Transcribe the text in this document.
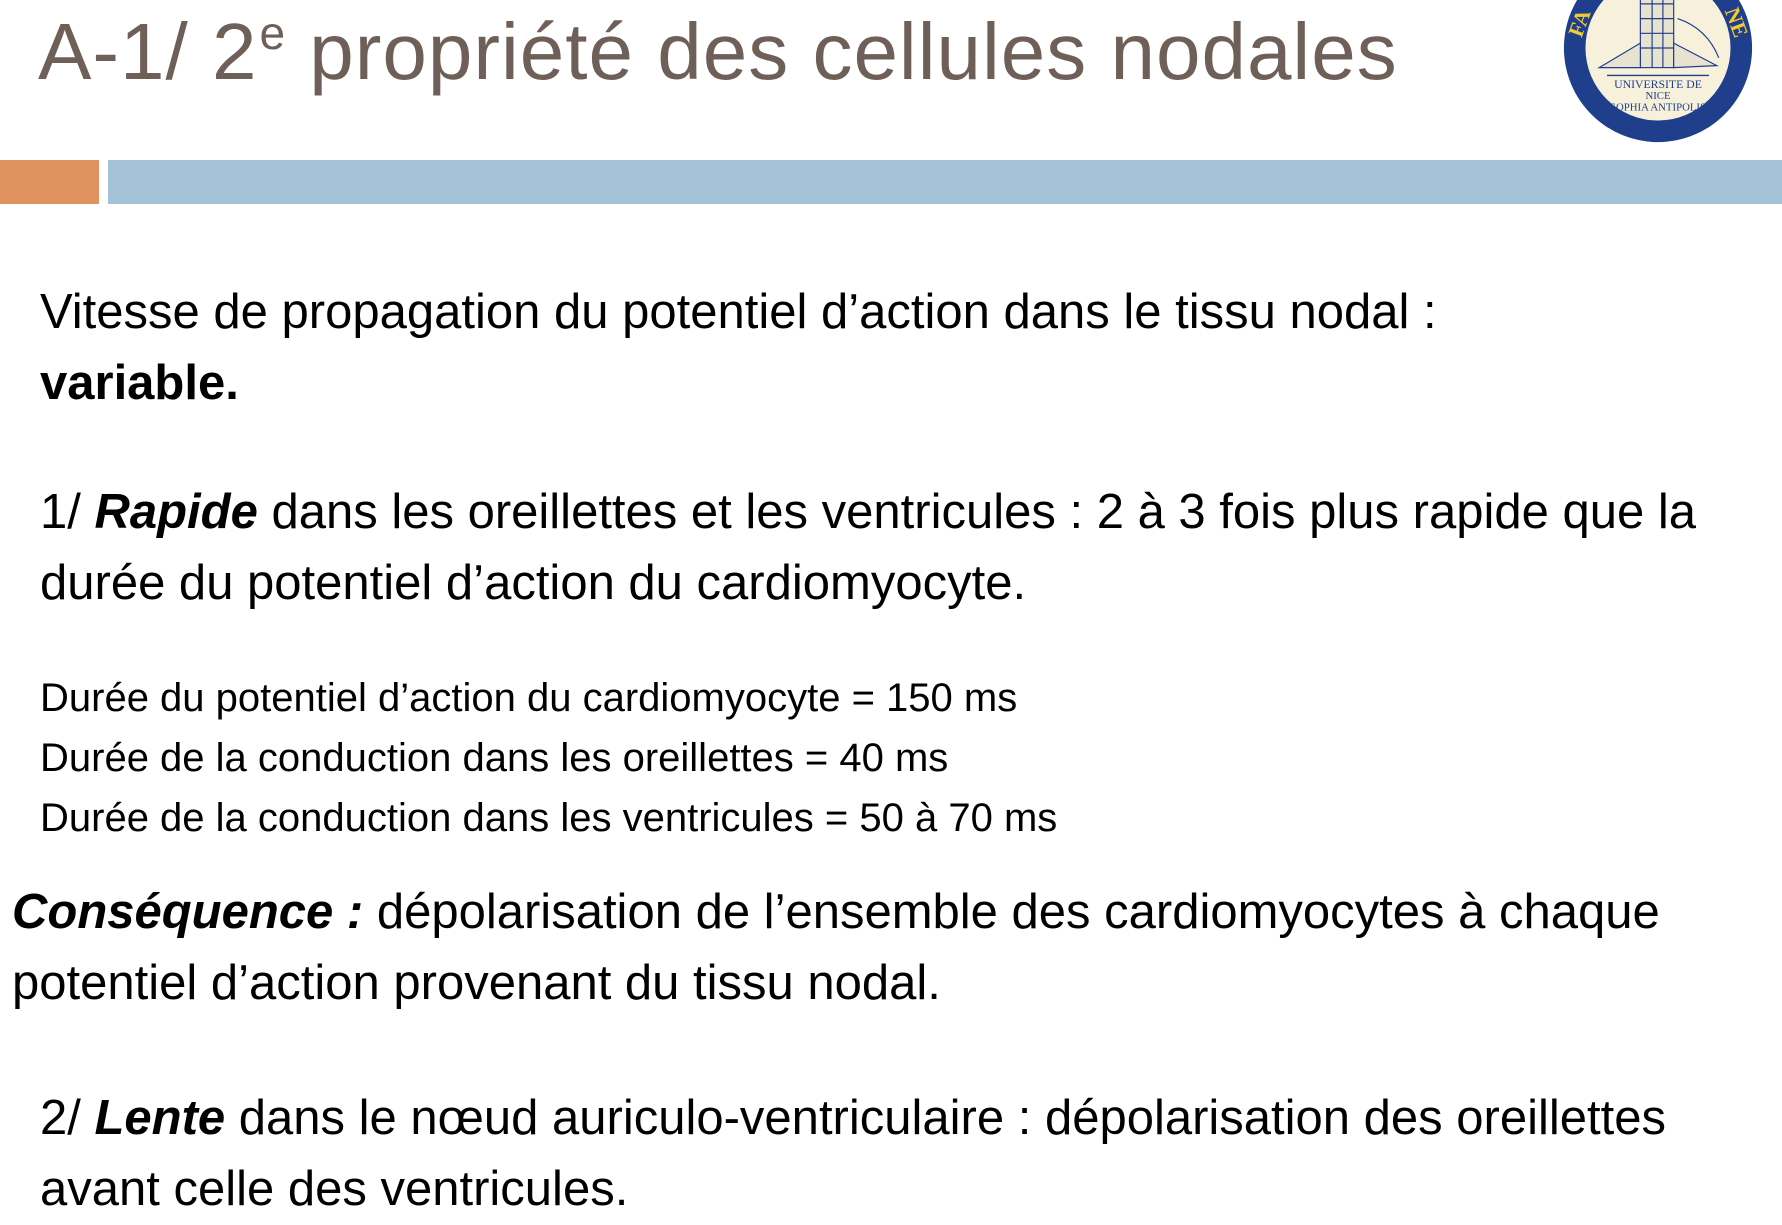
A-1/ 2e propriété des cellules nodales	FA	NE
UNIVERSITE DE
NICE
SOPHIA ANTIPOLIS

Vitesse de propagation du potentiel d’action dans le tissu nodal :
variable.

1/ Rapide dans les oreillettes et les ventricules : 2 à 3 fois plus rapide que la durée du potentiel d’action du cardiomyocyte.

Durée du potentiel d’action du cardiomyocyte = 150 ms
Durée de la conduction dans les oreillettes = 40 ms
Durée de la conduction dans les ventricules = 50 à 70 ms

Conséquence : dépolarisation de l’ensemble des cardiomyocytes à chaque potentiel d’action provenant du tissu nodal.

2/ Lente dans le nœud auriculo-ventriculaire : dépolarisation des oreillettes avant celle des ventricules.
